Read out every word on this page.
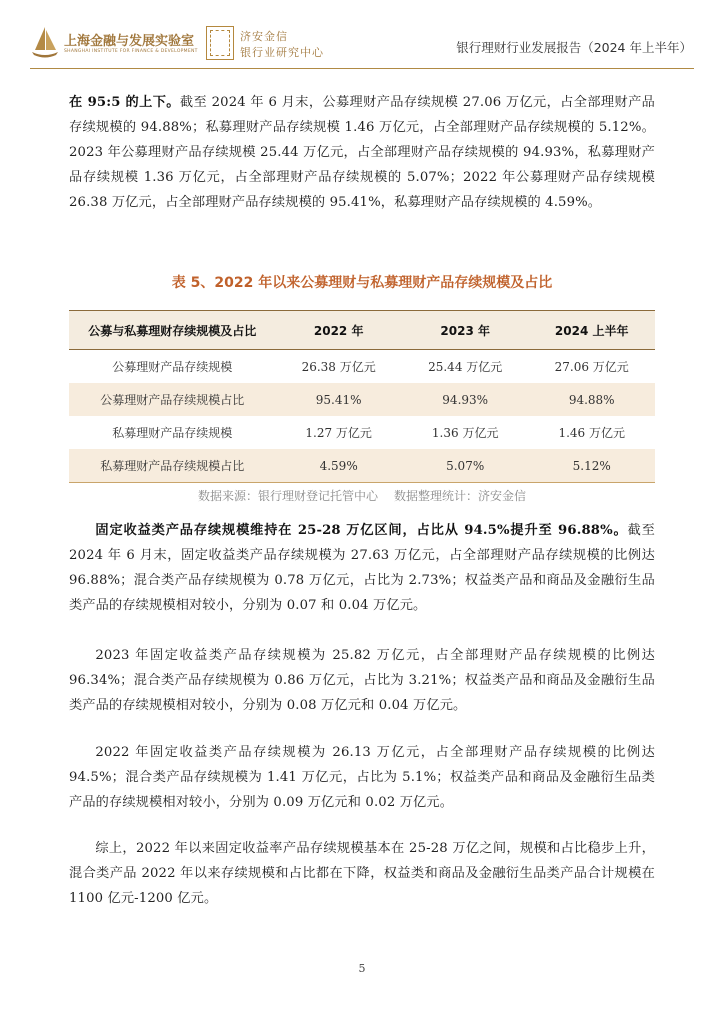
上海金融与发展实验室
SHANGHAI INSTITUTE FOR FINANCE & DEVELOPMENT
济安金信
银行业研究中心	银行理财行业发展报告（2024 年上半年）

在 95:5 的上下。截至 2024 年 6 月末，公募理财产品存续规模 27.06 万亿元，占全部理财产品存续规模的 94.88%；私募理财产品存续规模 1.46 万亿元，占全部理财产品存续规模的 5.12%。2023 年公募理财产品存续规模 25.44 万亿元，占全部理财产品存续规模的 94.93%，私募理财产品存续规模 1.36 万亿元，占全部理财产品存续规模的 5.07%；2022 年公募理财产品存续规模 26.38 万亿元，占全部理财产品存续规模的 95.41%，私募理财产品存续规模的 4.59%。

表 5、2022 年以来公募理财与私募理财产品存续规模及占比
公募与私募理财存续规模及占比	2022 年	2023 年	2024 上半年
公募理财产品存续规模	26.38 万亿元	25.44 万亿元	27.06 万亿元
公募理财产品存续规模占比	95.41%	94.93%	94.88%
私募理财产品存续规模	1.27 万亿元	1.36 万亿元	1.46 万亿元
私募理财产品存续规模占比	4.59%	5.07%	5.12%
数据来源：银行理财登记托管中心 数据整理统计：济安金信

固定收益类产品存续规模维持在 25-28 万亿区间，占比从 94.5%提升至 96.88%。截至 2024 年 6 月末，固定收益类产品存续规模为 27.63 万亿元，占全部理财产品存续规模的比例达 96.88%；混合类产品存续规模为 0.78 万亿元，占比为 2.73%；权益类产品和商品及金融衍生品类产品的存续规模相对较小，分别为 0.07 和 0.04 万亿元。

2023 年固定收益类产品存续规模为 25.82 万亿元，占全部理财产品存续规模的比例达 96.34%；混合类产品存续规模为 0.86 万亿元，占比为 3.21%；权益类产品和商品及金融衍生品类产品的存续规模相对较小，分别为 0.08 万亿元和 0.04 万亿元。

2022 年固定收益类产品存续规模为 26.13 万亿元，占全部理财产品存续规模的比例达 94.5%；混合类产品存续规模为 1.41 万亿元，占比为 5.1%；权益类产品和商品及金融衍生品类产品的存续规模相对较小，分别为 0.09 万亿元和 0.02 万亿元。

综上，2022 年以来固定收益率产品存续规模基本在 25-28 万亿之间，规模和占比稳步上升，混合类产品 2022 年以来存续规模和占比都在下降，权益类和商品及金融衍生品类产品合计规模在 1100 亿元-1200 亿元。

5
